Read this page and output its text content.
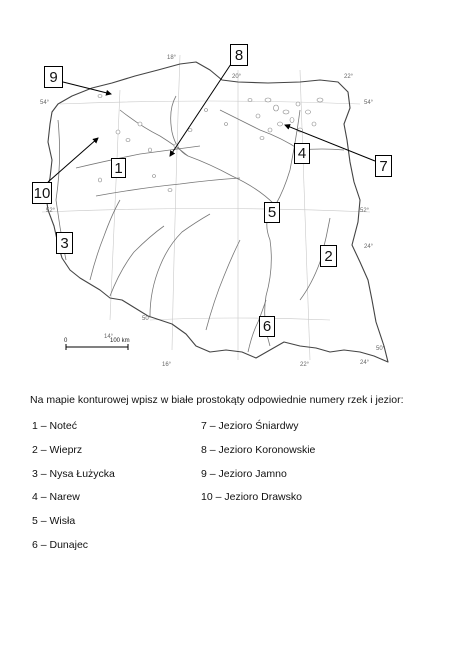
18°
20°	22°
54°	54°
52°	52°
50°
50°
14°
16°
24°
24°
22°
0	100 km
9
8
1
4
7
10
5
3
2
6

Na mapie konturowej wpisz w białe prostokąty odpowiednie numery rzek i jezior:

1 – Noteć
2 – Wieprz
3 – Nysa Łużycka
4 – Narew
5 – Wisła
6 – Dunajec
7 – Jezioro Śniardwy
8 – Jezioro Koronowskie
9 – Jezioro Jamno
10 – Jezioro Drawsko
